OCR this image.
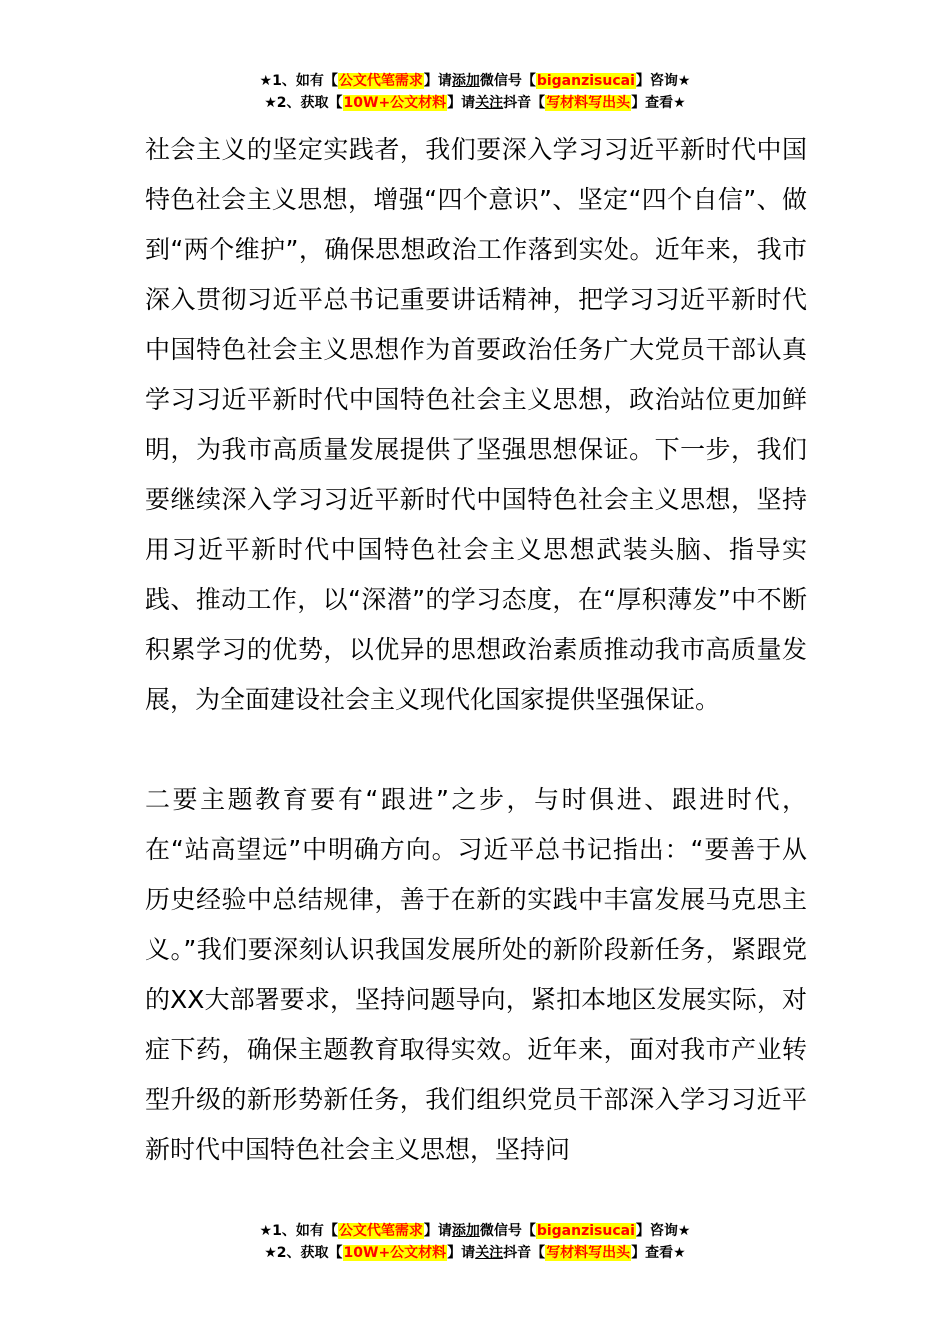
★1、如有【公文代笔需求】请添加微信号【biganzisucai】咨询★
★2、获取【10W+公文材料】请关注抖音【写材料写出头】查看★

社会主义的坚定实践者，我们要深入学习习近平新时代中国特色社会主义思想，增强“四个意识”、坚定“四个自信”、做到“两个维护”，确保思想政治工作落到实处。近年来，我市深入贯彻习近平总书记重要讲话精神，把学习习近平新时代中国特色社会主义思想作为首要政治任务广大党员干部认真学习习近平新时代中国特色社会主义思想，政治站位更加鲜明，为我市高质量发展提供了坚强思想保证。下一步，我们要继续深入学习习近平新时代中国特色社会主义思想，坚持用习近平新时代中国特色社会主义思想武装头脑、指导实践、推动工作，以“深潜”的学习态度，在“厚积薄发”中不断积累学习的优势，以优异的思想政治素质推动我市高质量发展，为全面建设社会主义现代化国家提供坚强保证。

二要主题教育要有“跟进”之步，与时俱进、跟进时代，在“站高望远”中明确方向。习近平总书记指出：“要善于从历史经验中总结规律，善于在新的实践中丰富发展马克思主义。”我们要深刻认识我国发展所处的新阶段新任务，紧跟党的XX大部署要求，坚持问题导向，紧扣本地区发展实际，对症下药，确保主题教育取得实效。近年来，面对我市产业转型升级的新形势新任务，我们组织党员干部深入学习习近平新时代中国特色社会主义思想，坚持问

★1、如有【公文代笔需求】请添加微信号【biganzisucai】咨询★
★2、获取【10W+公文材料】请关注抖音【写材料写出头】查看★
